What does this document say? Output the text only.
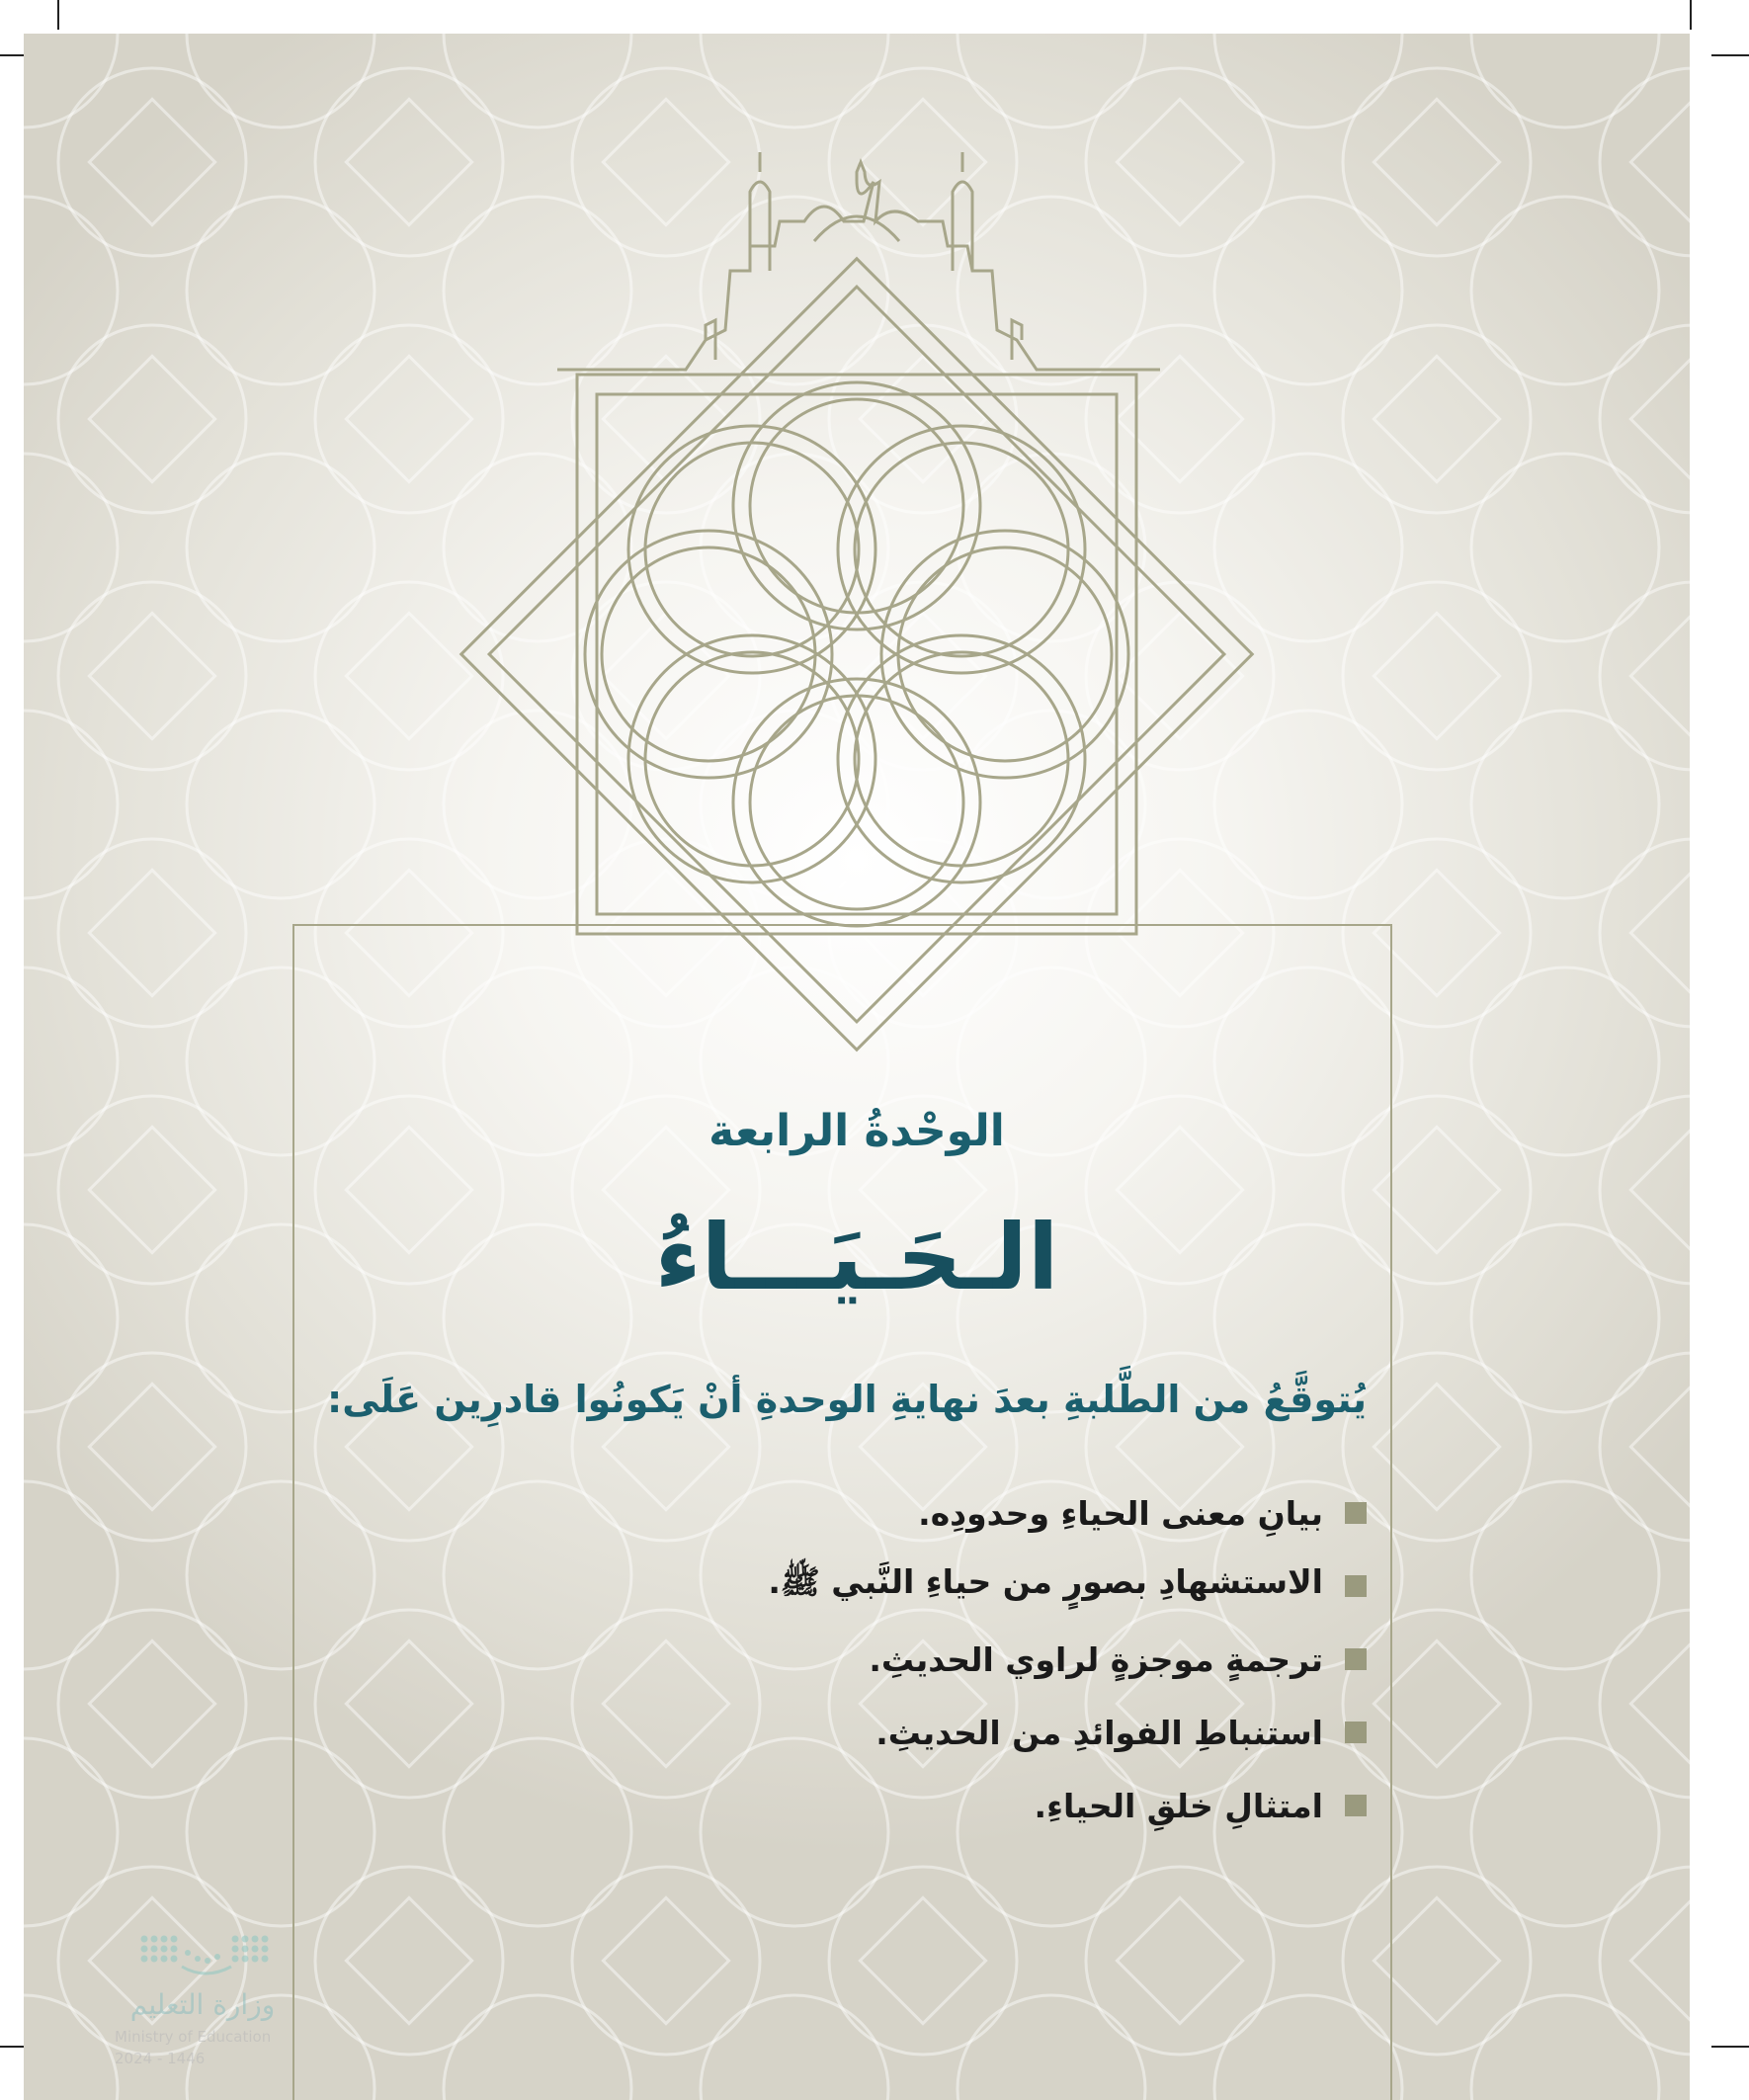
الوحْدةُ الرابعة
الـحَـيَـــاءُ
يُتوقَّعُ من الطَّلبةِ بعدَ نهايةِ الوحدةِ أنْ يَكونُوا قادرِين عَلَى:
بيانِ معنى الحياءِ وحدودِه.
الاستشهادِ بصورٍ من حياءِ النَّبي ﷺ.
ترجمةٍ موجزةٍ لراوي الحديثِ.
استنباطِ الفوائدِ من الحديثِ.
امتثالِ خلقِ الحياءِ.
وزارة التعليم
Ministry of Education
2024 - 1446
